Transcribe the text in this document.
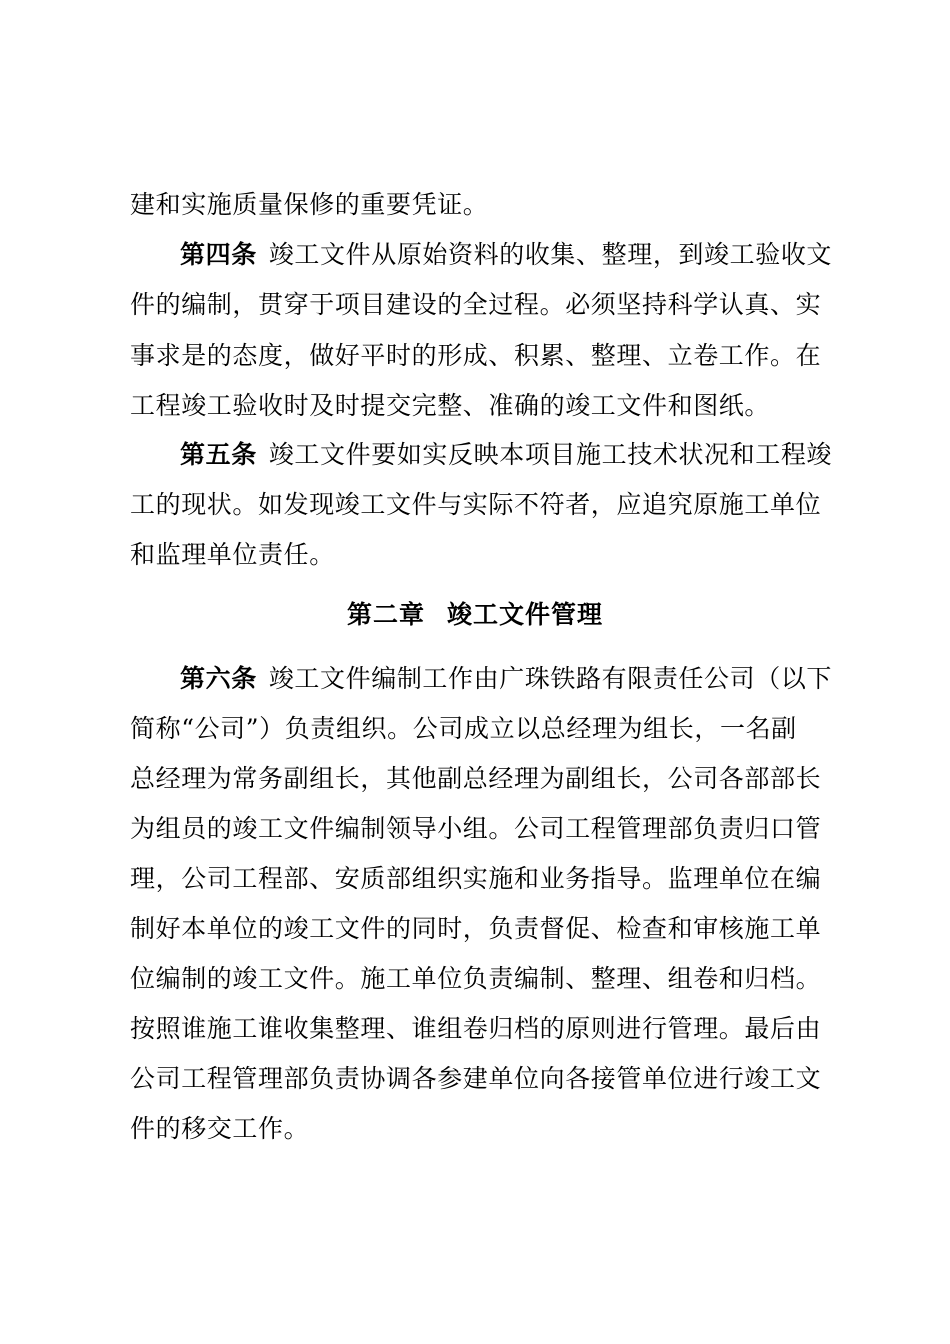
建和实施质量保修的重要凭证。
第四条 竣工文件从原始资料的收集、整理，到竣工验收文
件的编制，贯穿于项目建设的全过程。必须坚持科学认真、实
事求是的态度，做好平时的形成、积累、整理、立卷工作。在
工程竣工验收时及时提交完整、准确的竣工文件和图纸。
第五条 竣工文件要如实反映本项目施工技术状况和工程竣
工的现状。如发现竣工文件与实际不符者，应追究原施工单位
和监理单位责任。
第二章 竣工文件管理
第六条 竣工文件编制工作由广珠铁路有限责任公司（以下
简称“公司”）负责组织。公司成立以总经理为组长，一名副
总经理为常务副组长，其他副总经理为副组长，公司各部部长
为组员的竣工文件编制领导小组。公司工程管理部负责归口管
理，公司工程部、安质部组织实施和业务指导。监理单位在编
制好本单位的竣工文件的同时，负责督促、检查和审核施工单
位编制的竣工文件。施工单位负责编制、整理、组卷和归档。
按照谁施工谁收集整理、谁组卷归档的原则进行管理。最后由
公司工程管理部负责协调各参建单位向各接管单位进行竣工文
件的移交工作。
